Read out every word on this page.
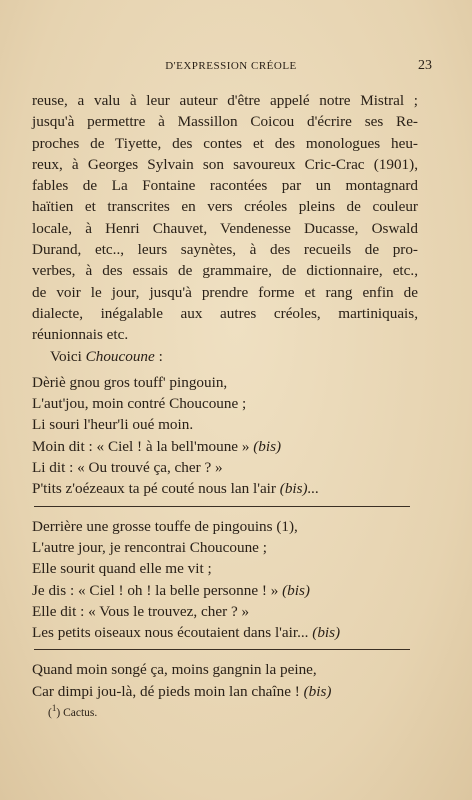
D'EXPRESSION CRÉOLE	23
reuse, a valu à leur auteur d'être appelé notre Mistral ;
jusqu'à permettre à Massillon Coicou d'écrire ses Re-
proches de Tiyette, des contes et des monologues heu-
reux, à Georges Sylvain son savoureux Cric-Crac (1901),
fables de La Fontaine racontées par un montagnard
haïtien et transcrites en vers créoles pleins de couleur
locale, à Henri Chauvet, Vendenesse Ducasse, Oswald
Durand, etc.., leurs saynètes, à des recueils de pro-
verbes, à des essais de grammaire, de dictionnaire, etc.,
de voir le jour, jusqu'à prendre forme et rang enfin de
dialecte, inégalable aux autres créoles, martiniquais,
réunionnais etc.
Voici Choucoune :
Dèriè gnou gros touff' pingouin,
L'aut'jou, moin contré Choucoune ;
Li souri l'heur'li oué moin.
Moin dit : « Ciel ! à la bell'moune » (bis)
Li dit : « Ou trouvé ça, cher ? »
P'tits z'oézeaux ta pé couté nous lan l'air (bis)...
Derrière une grosse touffe de pingouins (1),
L'autre jour, je rencontrai Choucoune ;
Elle sourit quand elle me vit ;
Je dis : « Ciel ! oh ! la belle personne ! » (bis)
Elle dit : « Vous le trouvez, cher ? »
Les petits oiseaux nous écoutaient dans l'air... (bis)
Quand moin songé ça, moins gangnin la peine,
Car dimpi jou-là, dé pieds moin lan chaîne ! (bis)
($^1$) Cactus.
